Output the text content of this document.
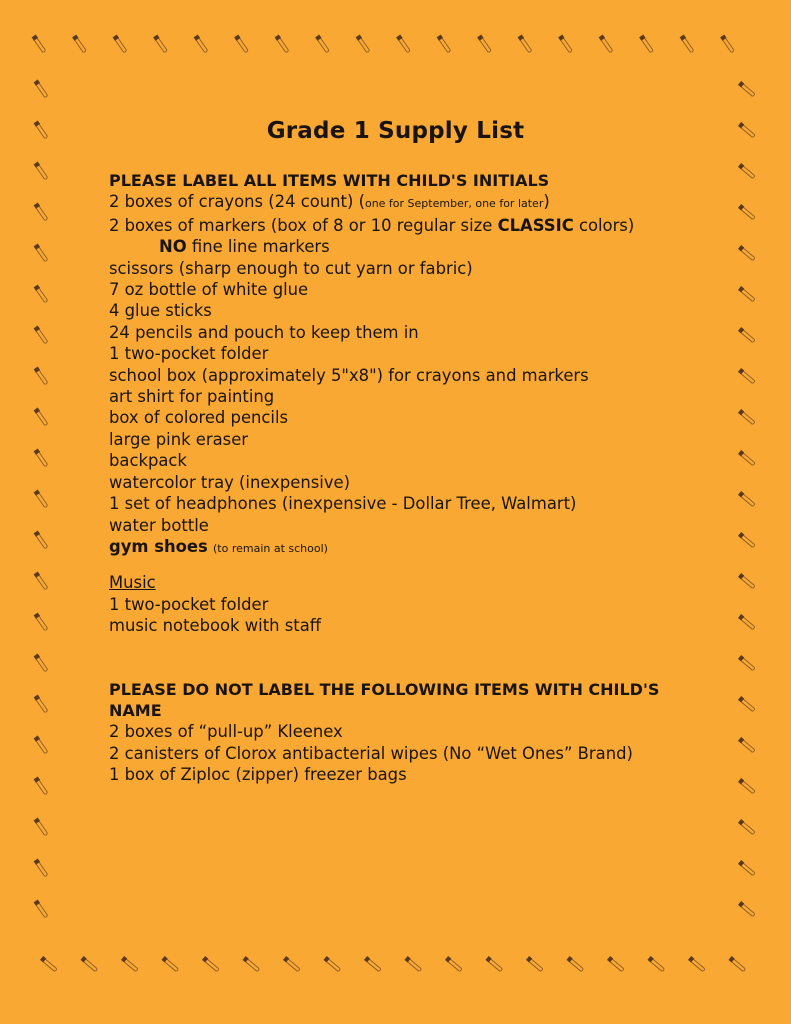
Grade 1 Supply List
PLEASE LABEL ALL ITEMS WITH CHILD'S INITIALS
2 boxes of crayons (24 count) (one for September, one for later)
2 boxes of markers (box of 8 or 10 regular size CLASSIC colors)
NO fine line markers
scissors (sharp enough to cut yarn or fabric)
7 oz bottle of white glue
4 glue sticks
24 pencils and pouch to keep them in
1 two-pocket folder
school box (approximately 5"x8") for crayons and markers
art shirt for painting
box of colored pencils
large pink eraser
backpack
watercolor tray (inexpensive)
1 set of headphones (inexpensive - Dollar Tree, Walmart)
water bottle
gym shoes (to remain at school)
Music
1 two-pocket folder
music notebook with staff
PLEASE DO NOT LABEL THE FOLLOWING ITEMS WITH CHILD'S NAME
2 boxes of “pull-up” Kleenex
2 canisters of Clorox antibacterial wipes (No “Wet Ones” Brand)
1 box of Ziploc (zipper) freezer bags
